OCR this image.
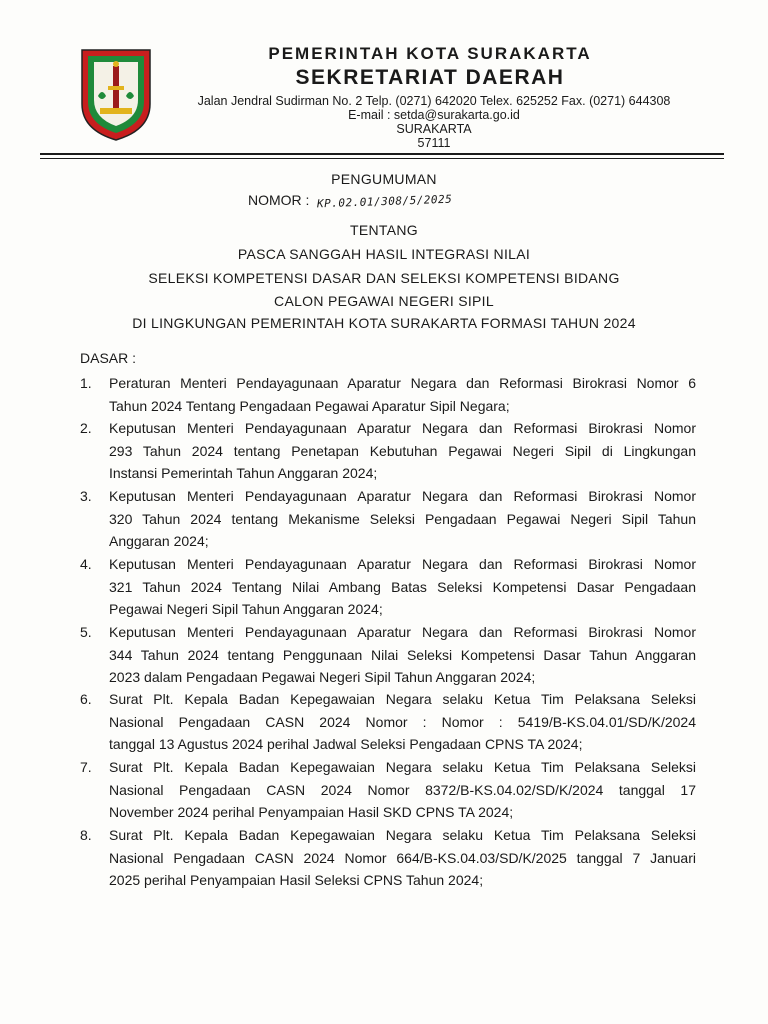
PEMERINTAH KOTA SURAKARTA
SEKRETARIAT DAERAH
Jalan Jendral Sudirman No. 2 Telp. (0271) 642020 Telex. 625252 Fax. (0271) 644308
E-mail : setda@surakarta.go.id
SURAKARTA
57111
PENGUMUMAN
NOMOR : KP.02.01/308/5/2025
TENTANG
PASCA SANGGAH HASIL INTEGRASI NILAI
SELEKSI KOMPETENSI DASAR DAN SELEKSI KOMPETENSI BIDANG
CALON PEGAWAI NEGERI SIPIL
DI LINGKUNGAN PEMERINTAH KOTA SURAKARTA FORMASI TAHUN 2024
DASAR :
1.	Peraturan Menteri Pendayagunaan Aparatur Negara dan Reformasi Birokrasi Nomor 6
Tahun 2024 Tentang Pengadaan Pegawai Aparatur Sipil Negara;
2.	Keputusan Menteri Pendayagunaan Aparatur Negara dan Reformasi Birokrasi Nomor
293 Tahun 2024 tentang Penetapan Kebutuhan Pegawai Negeri Sipil di Lingkungan
Instansi Pemerintah Tahun Anggaran 2024;
3.	Keputusan Menteri Pendayagunaan Aparatur Negara dan Reformasi Birokrasi Nomor
320 Tahun 2024 tentang Mekanisme Seleksi Pengadaan Pegawai Negeri Sipil Tahun
Anggaran 2024;
4.	Keputusan Menteri Pendayagunaan Aparatur Negara dan Reformasi Birokrasi Nomor
321 Tahun 2024 Tentang Nilai Ambang Batas Seleksi Kompetensi Dasar Pengadaan
Pegawai Negeri Sipil Tahun Anggaran 2024;
5.	Keputusan Menteri Pendayagunaan Aparatur Negara dan Reformasi Birokrasi Nomor
344 Tahun 2024 tentang Penggunaan Nilai Seleksi Kompetensi Dasar Tahun Anggaran
2023 dalam Pengadaan Pegawai Negeri Sipil Tahun Anggaran 2024;
6.	Surat Plt. Kepala Badan Kepegawaian Negara selaku Ketua Tim Pelaksana Seleksi
Nasional Pengadaan CASN 2024 Nomor : Nomor : 5419/B-KS.04.01/SD/K/2024
tanggal 13 Agustus 2024 perihal Jadwal Seleksi Pengadaan CPNS TA 2024;
7.	Surat Plt. Kepala Badan Kepegawaian Negara selaku Ketua Tim Pelaksana Seleksi
Nasional Pengadaan CASN 2024 Nomor 8372/B-KS.04.02/SD/K/2024 tanggal 17
November 2024 perihal Penyampaian Hasil SKD CPNS TA 2024;
8.	Surat Plt. Kepala Badan Kepegawaian Negara selaku Ketua Tim Pelaksana Seleksi
Nasional Pengadaan CASN 2024 Nomor 664/B-KS.04.03/SD/K/2025 tanggal 7 Januari
2025 perihal Penyampaian Hasil Seleksi CPNS Tahun 2024;
